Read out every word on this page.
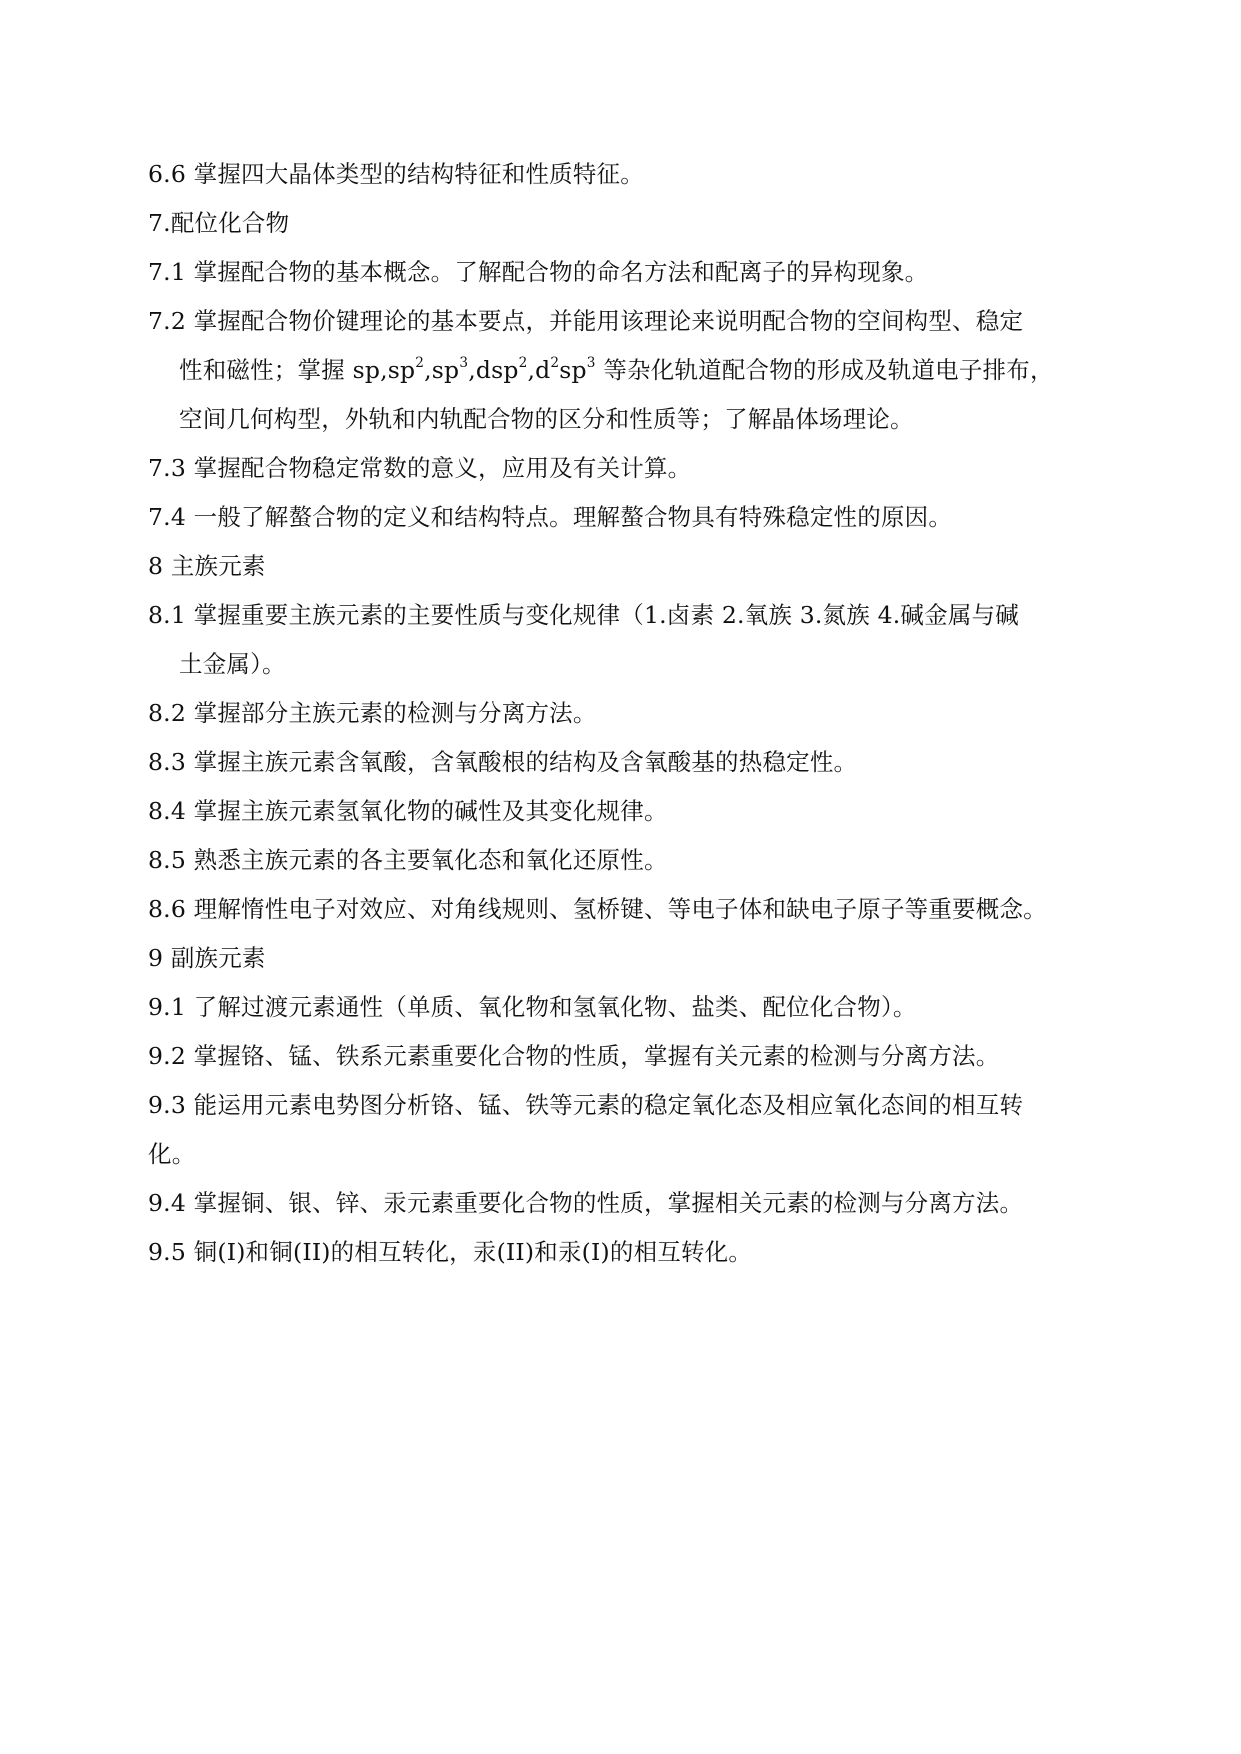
6.6 掌握四大晶体类型的结构特征和性质特征。
7.配位化合物
7.1 掌握配合物的基本概念。了解配合物的命名方法和配离子的异构现象。
7.2 掌握配合物价键理论的基本要点，并能用该理论来说明配合物的空间构型、稳定
性和磁性；掌握 $sp,sp^2,sp^3,dsp^2,d^2sp^3$ 等杂化轨道配合物的形成及轨道电子排布，
空间几何构型，外轨和内轨配合物的区分和性质等；了解晶体场理论。
7.3 掌握配合物稳定常数的意义，应用及有关计算。
7.4 一般了解螯合物的定义和结构特点。理解螯合物具有特殊稳定性的原因。
8 主族元素
8.1 掌握重要主族元素的主要性质与变化规律（1.卤素 2.氧族 3.氮族 4.碱金属与碱
土金属）。
8.2 掌握部分主族元素的检测与分离方法。
8.3 掌握主族元素含氧酸，含氧酸根的结构及含氧酸基的热稳定性。
8.4 掌握主族元素氢氧化物的碱性及其变化规律。
8.5 熟悉主族元素的各主要氧化态和氧化还原性。
8.6 理解惰性电子对效应、对角线规则、氢桥键、等电子体和缺电子原子等重要概念。
9 副族元素
9.1 了解过渡元素通性（单质、氧化物和氢氧化物、盐类、配位化合物）。
9.2 掌握铬、锰、铁系元素重要化合物的性质，掌握有关元素的检测与分离方法。
9.3 能运用元素电势图分析铬、锰、铁等元素的稳定氧化态及相应氧化态间的相互转
化。
9.4 掌握铜、银、锌、汞元素重要化合物的性质，掌握相关元素的检测与分离方法。
9.5 铜(I)和铜(II)的相互转化，汞(II)和汞(I)的相互转化。
